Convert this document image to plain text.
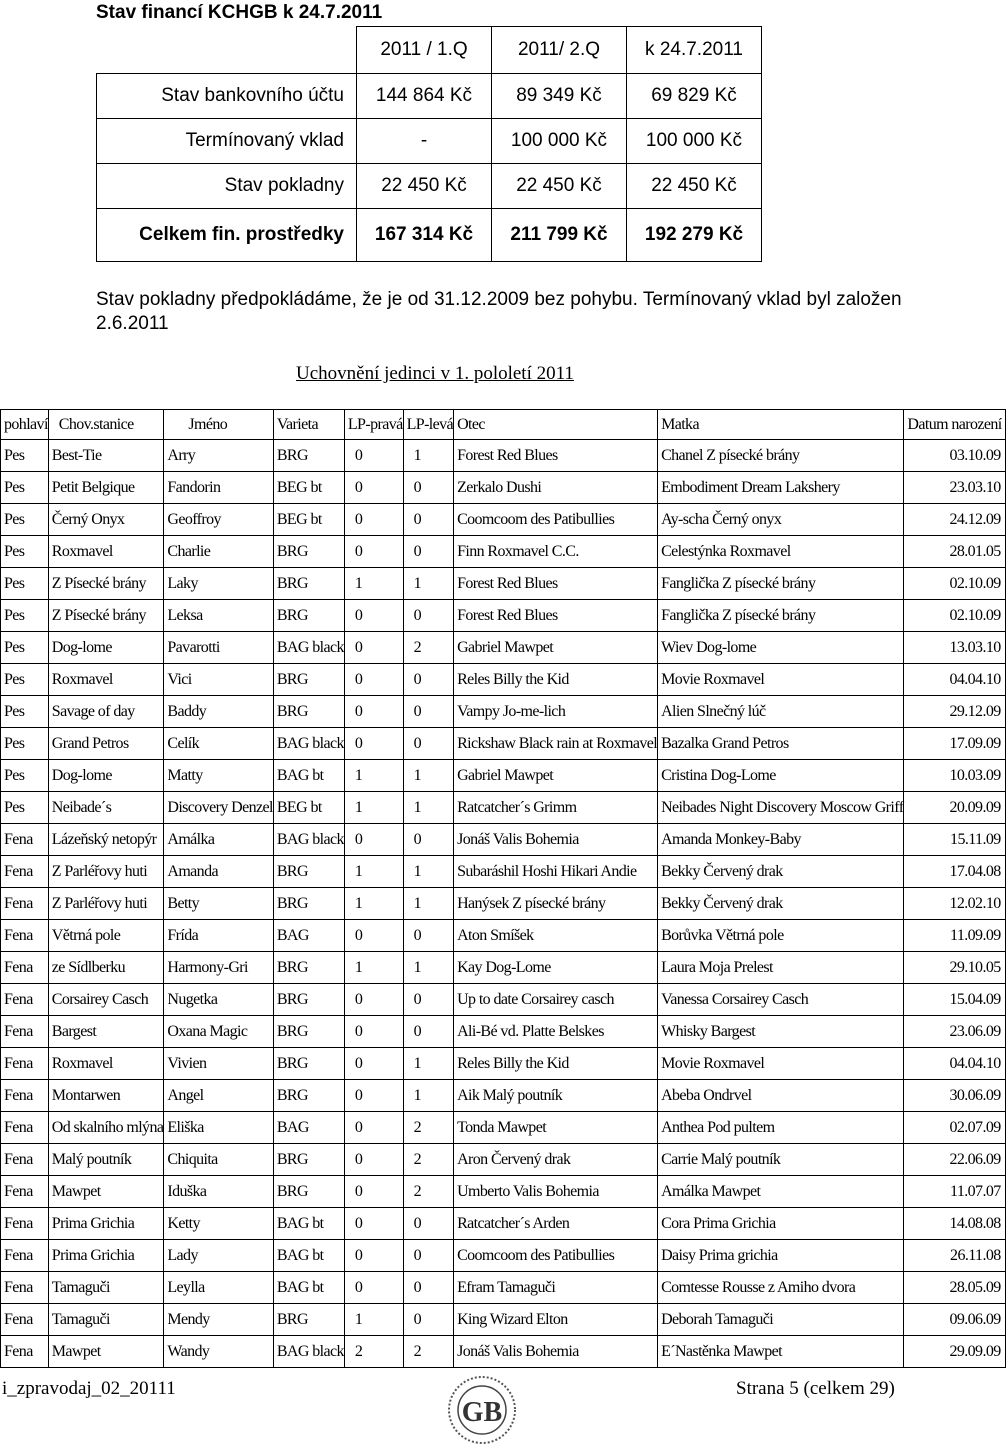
Stav financí KCHGB k 24.7.2011
	2011 / 1.Q	2011/ 2.Q	k 24.7.2011
Stav bankovního účtu	144 864 Kč	89 349 Kč	69 829 Kč
Termínovaný vklad	-	100 000 Kč	100 000 Kč
Stav pokladny	22 450 Kč	22 450 Kč	22 450 Kč
Celkem fin. prostředky	167 314 Kč	211 799 Kč	192 279 Kč
Stav pokladny předpokládáme, že je od 31.12.2009 bez pohybu. Termínovaný vklad byl založen 2.6.2011
Uchovnění jedinci v 1. pololetí 2011
pohlaví	Chov.stanice	Jméno	Varieta	LP-pravá	LP-levá	Otec	Matka	Datum narození
Pes	Best-Tie	Arry	BRG	0	1	Forest Red Blues	Chanel Z písecké brány	03.10.09
Pes	Petit Belgique	Fandorin	BEG bt	0	0	Zerkalo Dushi	Embodiment Dream Lakshery	23.03.10
Pes	Černý Onyx	Geoffroy	BEG bt	0	0	Coomcoom des Patibullies	Ay-scha Černý onyx	24.12.09
Pes	Roxmavel	Charlie	BRG	0	0	Finn Roxmavel C.C.	Celestýnka Roxmavel	28.01.05
Pes	Z Písecké brány	Laky	BRG	1	1	Forest Red Blues	Fanglička Z písecké brány	02.10.09
Pes	Z Písecké brány	Leksa	BRG	0	0	Forest Red Blues	Fanglička Z písecké brány	02.10.09
Pes	Dog-lome	Pavarotti	BAG black	0	2	Gabriel Mawpet	Wiev Dog-lome	13.03.10
Pes	Roxmavel	Vici	BRG	0	0	Reles Billy the Kid	Movie Roxmavel	04.04.10
Pes	Savage of day	Baddy	BRG	0	0	Vampy Jo-me-lich	Alien Slnečný lúč	29.12.09
Pes	Grand Petros	Celík	BAG black	0	0	Rickshaw Black rain at Roxmavel	Bazalka Grand Petros	17.09.09
Pes	Dog-lome	Matty	BAG bt	1	1	Gabriel Mawpet	Cristina Dog-Lome	10.03.09
Pes	Neibade´s	Discovery Denzel	BEG bt	1	1	Ratcatcher´s Grimm	Neibades Night Discovery Moscow Griff	20.09.09
Fena	Lázeňský netopýr	Amálka	BAG black	0	0	Jonáš Valis Bohemia	Amanda Monkey-Baby	15.11.09
Fena	Z Parléřovy huti	Amanda	BRG	1	1	Subaráshil Hoshi Hikari Andie	Bekky Červený drak	17.04.08
Fena	Z Parléřovy huti	Betty	BRG	1	1	Hanýsek Z písecké brány	Bekky Červený drak	12.02.10
Fena	Větrná pole	Frída	BAG	0	0	Aton Smíšek	Borůvka Větrná pole	11.09.09
Fena	ze Sídlberku	Harmony-Gri	BRG	1	1	Kay Dog-Lome	Laura Moja Prelest	29.10.05
Fena	Corsairey Casch	Nugetka	BRG	0	0	Up to date Corsairey casch	Vanessa Corsairey Casch	15.04.09
Fena	Bargest	Oxana Magic	BRG	0	0	Ali-Bé vd. Platte Belskes	Whisky Bargest	23.06.09
Fena	Roxmavel	Vivien	BRG	0	1	Reles Billy the Kid	Movie Roxmavel	04.04.10
Fena	Montarwen	Angel	BRG	0	1	Aik Malý poutník	Abeba Ondrvel	30.06.09
Fena	Od skalního mlýna	Eliška	BAG	0	2	Tonda Mawpet	Anthea Pod pultem	02.07.09
Fena	Malý poutník	Chiquita	BRG	0	2	Aron Červený drak	Carrie Malý poutník	22.06.09
Fena	Mawpet	Iduška	BRG	0	2	Umberto Valis Bohemia	Amálka Mawpet	11.07.07
Fena	Prima Grichia	Ketty	BAG bt	0	0	Ratcatcher´s Arden	Cora Prima Grichia	14.08.08
Fena	Prima Grichia	Lady	BAG bt	0	0	Coomcoom des Patibullies	Daisy Prima grichia	26.11.08
Fena	Tamaguči	Leylla	BAG bt	0	0	Efram Tamaguči	Comtesse Rousse z Amiho dvora	28.05.09
Fena	Tamaguči	Mendy	BRG	1	0	King Wizard Elton	Deborah Tamaguči	09.06.09
Fena	Mawpet	Wandy	BAG black	2	2	Jonáš Valis Bohemia	E´Nastěnka Mawpet	29.09.09
i_zpravodaj_02_20111
GB
Strana 5 (celkem 29)
